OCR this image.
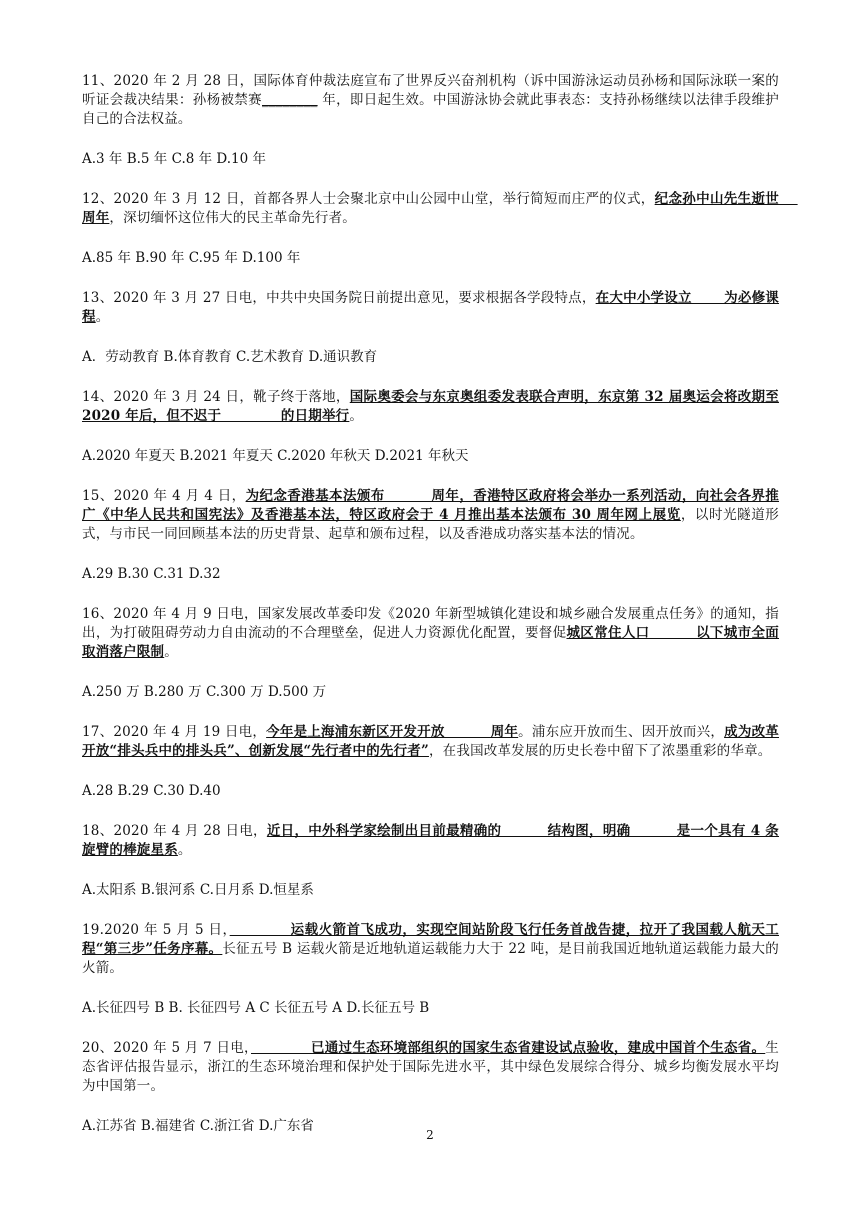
11、2020 年 2 月 28 日，国际体育仲裁法庭宣布了世界反兴奋剂机构（诉中国游泳运动员孙杨和国际泳联一案的听证会裁决结果：孙杨被禁赛________ 年，即日起生效。中国游泳协会就此事表态：支持孙杨继续以法律手段维护自己的合法权益。

A.3 年 B.5 年 C.8 年 D.10 年

12、2020 年 3 月 12 日，首都各界人士会聚北京中山公园中山堂，举行简短而庄严的仪式，纪念孙中山先生逝世　 周年，深切缅怀这位伟大的民主革命先行者。

A.85 年 B.90 年 C.95 年 D.100 年

13、2020 年 3 月 27 日电，中共中央国务院日前提出意见，要求根据各学段特点，在大中小学设立　　 为必修课程。

A．劳动教育 B.体育教育 C.艺术教育 D.通识教育

14、2020 年 3 月 24 日，靴子终于落地，国际奥委会与东京奥组委发表联合声明，东京第 32 届奥运会将改期至 2020 年后，但不迟于　　　　 的日期举行。

A.2020 年夏天 B.2021 年夏天 C.2020 年秋天 D.2021 年秋天

15、2020 年 4 月 4 日，为纪念香港基本法颁布　　　 周年，香港特区政府将会举办一系列活动，向社会各界推广《中华人民共和国宪法》及香港基本法，特区政府会于 4 月推出基本法颁布 30 周年网上展览，以时光隧道形式，与市民一同回顾基本法的历史背景、起草和颁布过程，以及香港成功落实基本法的情况。

A.29 B.30 C.31 D.32

16、2020 年 4 月 9 日电，国家发展改革委印发《2020 年新型城镇化建设和城乡融合发展重点任务》的通知，指出，为打破阻碍劳动力自由流动的不合理壁垒，促进人力资源优化配置，要督促城区常住人口　　　 以下城市全面取消落户限制。

A.250 万 B.280 万 C.300 万 D.500 万

17、2020 年 4 月 19 日电，今年是上海浦东新区开发开放　　　 周年。浦东应开放而生、因开放而兴，成为改革开放“排头兵中的排头兵”、创新发展“先行者中的先行者”，在我国改革发展的历史长卷中留下了浓墨重彩的华章。

A.28 B.29 C.30 D.40

18、2020 年 4 月 28 日电，近日，中外科学家绘制出目前最精确的　　　 结构图，明确　　　 是一个具有 4 条旋臂的棒旋星系。

A.太阳系 B.银河系 C.日月系 D.恒星系

19.2020 年 5 月 5 日，　　　　 运载火箭首飞成功，实现空间站阶段飞行任务首战告捷，拉开了我国载人航天工程“第三步”任务序幕。长征五号 B 运载火箭是近地轨道运载能力大于 22 吨，是目前我国近地轨道运载能力最大的火箭。

A.长征四号 B B. 长征四号 A C 长征五号 A D.长征五号 B

20、2020 年 5 月 7 日电，　　　　 已通过生态环境部组织的国家生态省建设试点验收，建成中国首个生态省。生态省评估报告显示，浙江的生态环境治理和保护处于国际先进水平，其中绿色发展综合得分、城乡均衡发展水平均为中国第一。

A.江苏省 B.福建省 C.浙江省 D.广东省

2
